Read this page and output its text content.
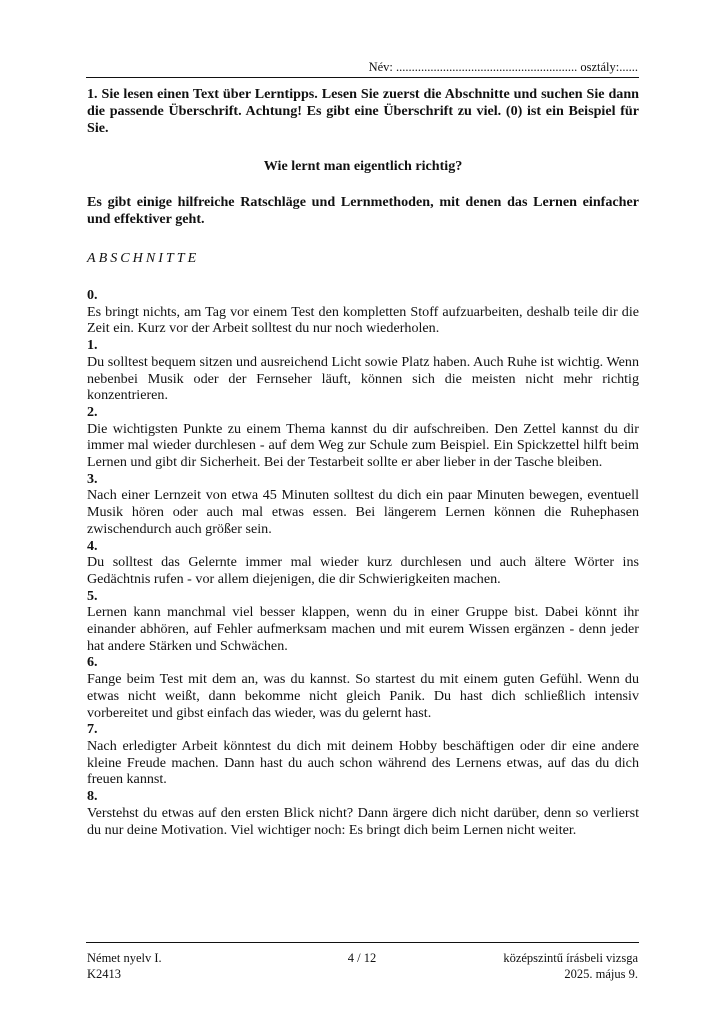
Név: .......................................................... osztály:......

1. Sie lesen einen Text über Lerntipps. Lesen Sie zuerst die Abschnitte und suchen Sie dann die passende Überschrift. Achtung! Es gibt eine Überschrift zu viel. (0) ist ein Beispiel für Sie.

Wie lernt man eigentlich richtig?

Es gibt einige hilfreiche Ratschläge und Lernmethoden, mit denen das Lernen einfacher und effektiver geht.

ABSCHNITTE

0.

Es bringt nichts, am Tag vor einem Test den kompletten Stoff aufzuarbeiten, deshalb teile dir die Zeit ein. Kurz vor der Arbeit solltest du nur noch wiederholen.

1.

Du solltest bequem sitzen und ausreichend Licht sowie Platz haben. Auch Ruhe ist wichtig. Wenn nebenbei Musik oder der Fernseher läuft, können sich die meisten nicht mehr richtig konzentrieren.

2.

Die wichtigsten Punkte zu einem Thema kannst du dir aufschreiben. Den Zettel kannst du dir immer mal wieder durchlesen - auf dem Weg zur Schule zum Beispiel. Ein Spickzettel hilft beim Lernen und gibt dir Sicherheit. Bei der Testarbeit sollte er aber lieber in der Tasche bleiben.

3.

Nach einer Lernzeit von etwa 45 Minuten solltest du dich ein paar Minuten bewegen, eventuell Musik hören oder auch mal etwas essen. Bei längerem Lernen können die Ruhephasen zwischendurch auch größer sein.

4.

Du solltest das Gelernte immer mal wieder kurz durchlesen und auch ältere Wörter ins Gedächtnis rufen - vor allem diejenigen, die dir Schwierigkeiten machen.

5.

Lernen kann manchmal viel besser klappen, wenn du in einer Gruppe bist. Dabei könnt ihr einander abhören, auf Fehler aufmerksam machen und mit eurem Wissen ergänzen - denn jeder hat andere Stärken und Schwächen.

6.

Fange beim Test mit dem an, was du kannst. So startest du mit einem guten Gefühl. Wenn du etwas nicht weißt, dann bekomme nicht gleich Panik. Du hast dich schließlich intensiv vorbereitet und gibst einfach das wieder, was du gelernt hast.

7.

Nach erledigter Arbeit könntest du dich mit deinem Hobby beschäftigen oder dir eine andere kleine Freude machen. Dann hast du auch schon während des Lernens etwas, auf das du dich freuen kannst.

8.

Verstehst du etwas auf den ersten Blick nicht? Dann ärgere dich nicht darüber, denn so verlierst du nur deine Motivation. Viel wichtiger noch: Es bringt dich beim Lernen nicht weiter.

Német nyelv I.
K2413
4 / 12	középszintű írásbeli vizsga
2025. május 9.
